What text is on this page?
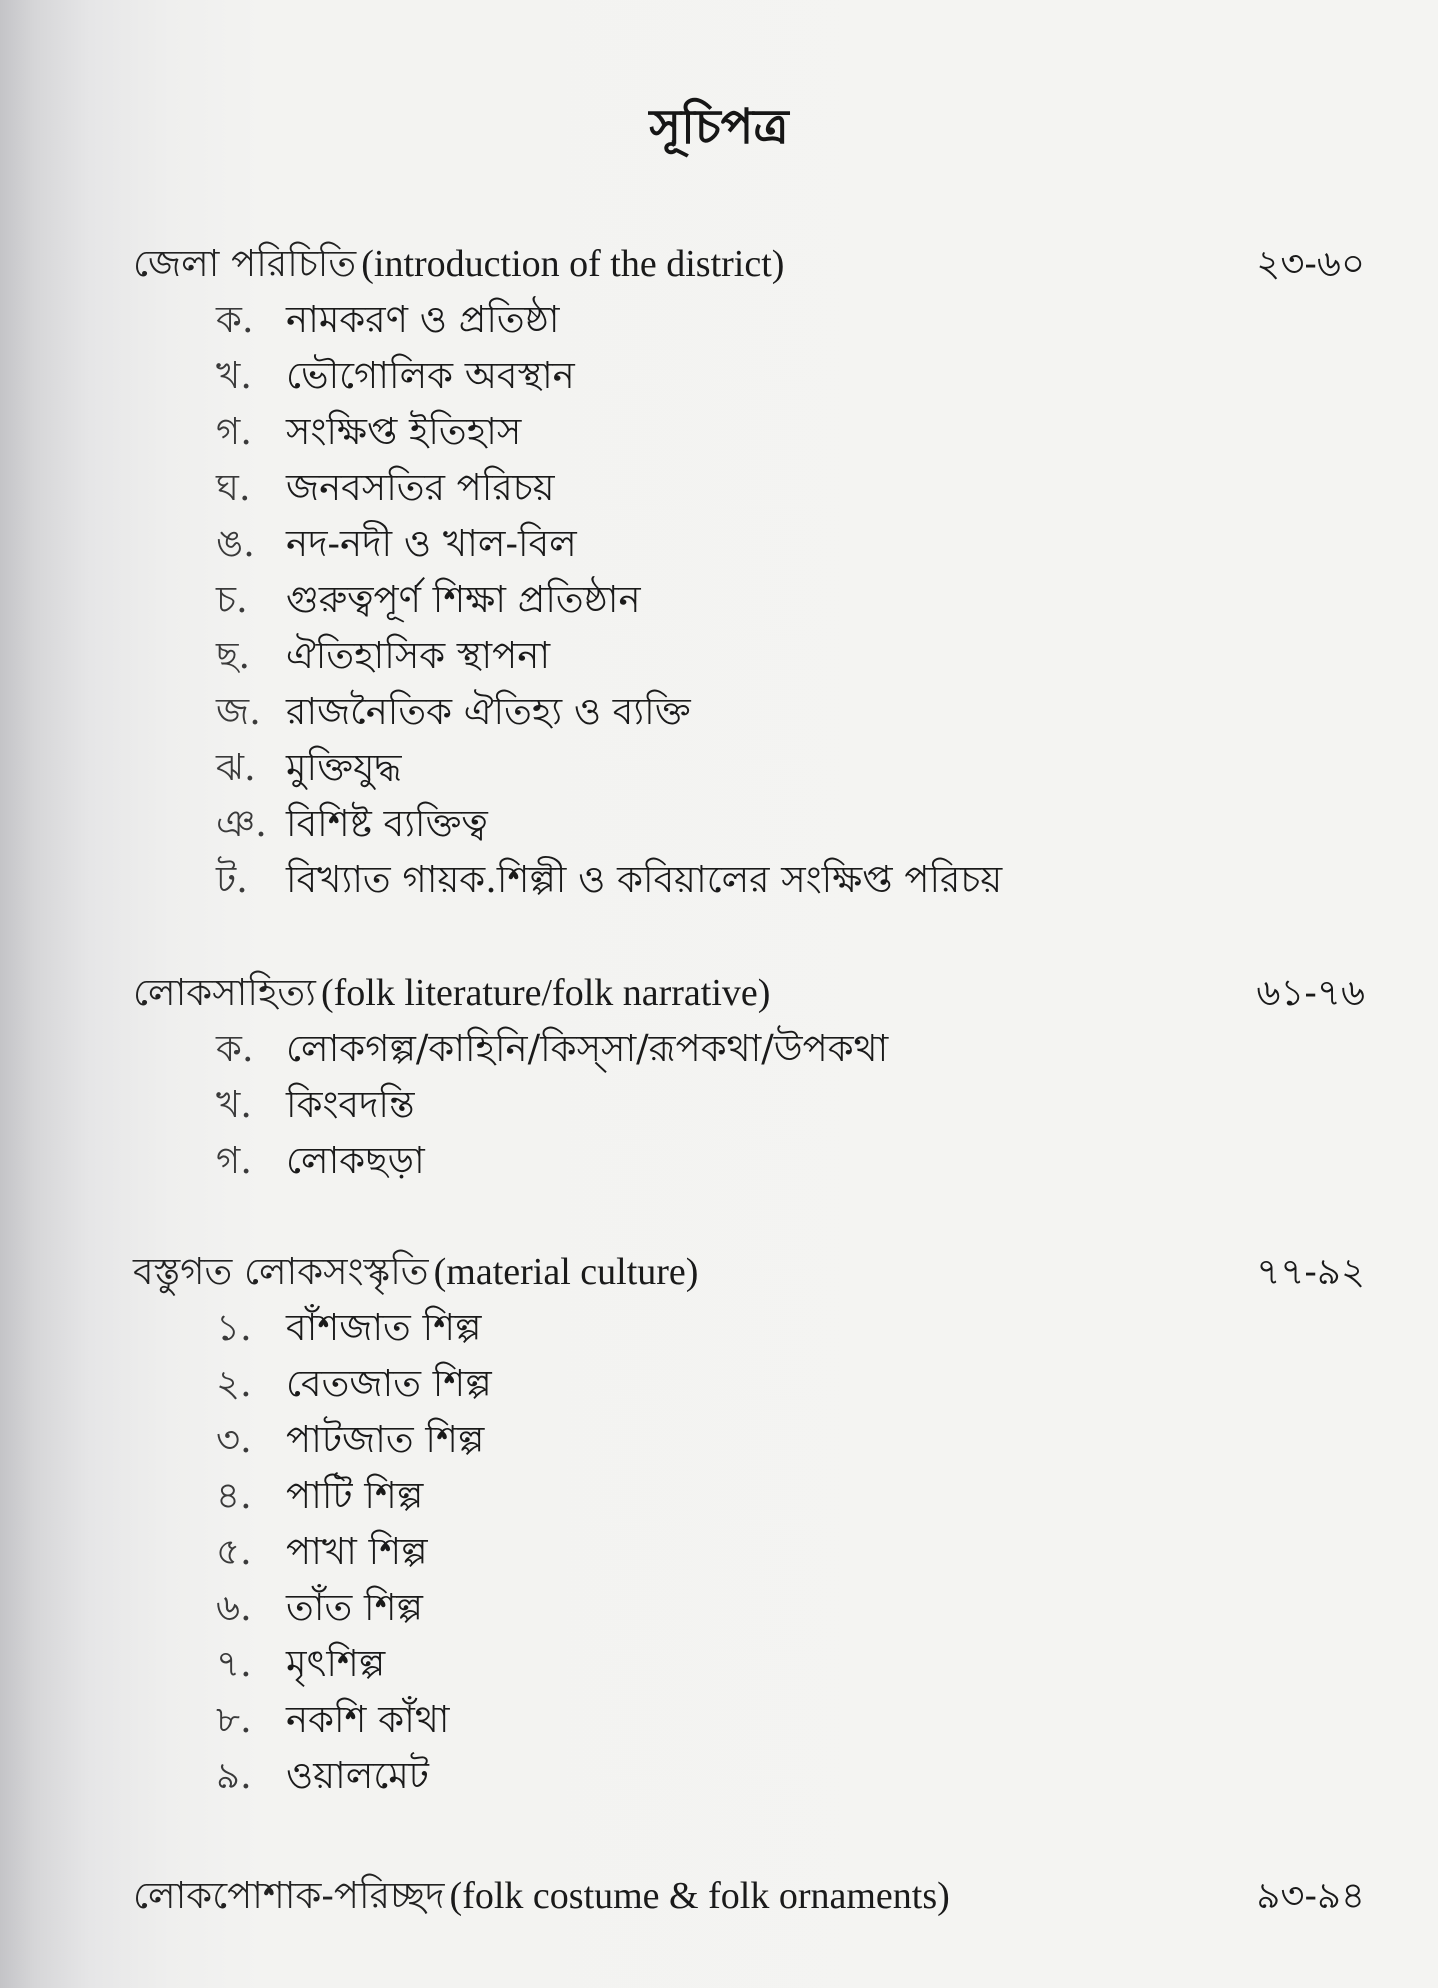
সূচিপত্র
জেলা পরিচিতি (introduction of the district)	২৩-৬০
ক. নামকরণ ও প্রতিষ্ঠা
খ. ভৌগোলিক অবস্থান
গ. সংক্ষিপ্ত ইতিহাস
ঘ. জনবসতির পরিচয়
ঙ. নদ-নদী ও খাল-বিল
চ. গুরুত্বপূর্ণ শিক্ষা প্রতিষ্ঠান
ছ. ঐতিহাসিক স্থাপনা
জ. রাজনৈতিক ঐতিহ্য ও ব্যক্তি
ঝ. মুক্তিযুদ্ধ
ঞ. বিশিষ্ট ব্যক্তিত্ব
ট. বিখ্যাত গায়ক.শিল্পী ও কবিয়ালের সংক্ষিপ্ত পরিচয়
লোকসাহিত্য (folk literature/folk narrative)	৬১-৭৬
ক. লোকগল্প/কাহিনি/কিস্সা/রূপকথা/উপকথা
খ. কিংবদন্তি
গ. লোকছড়া
বস্তুগত লোকসংস্কৃতি (material culture)	৭৭-৯২
১. বাঁশজাত শিল্প
২. বেতজাত শিল্প
৩. পাটজাত শিল্প
৪. পাটি শিল্প
৫. পাখা শিল্প
৬. তাঁত শিল্প
৭. মৃৎশিল্প
৮. নকশি কাঁথা
৯. ওয়ালমেট
লোকপোশাক-পরিচ্ছদ (folk costume & folk ornaments)	৯৩-৯৪
